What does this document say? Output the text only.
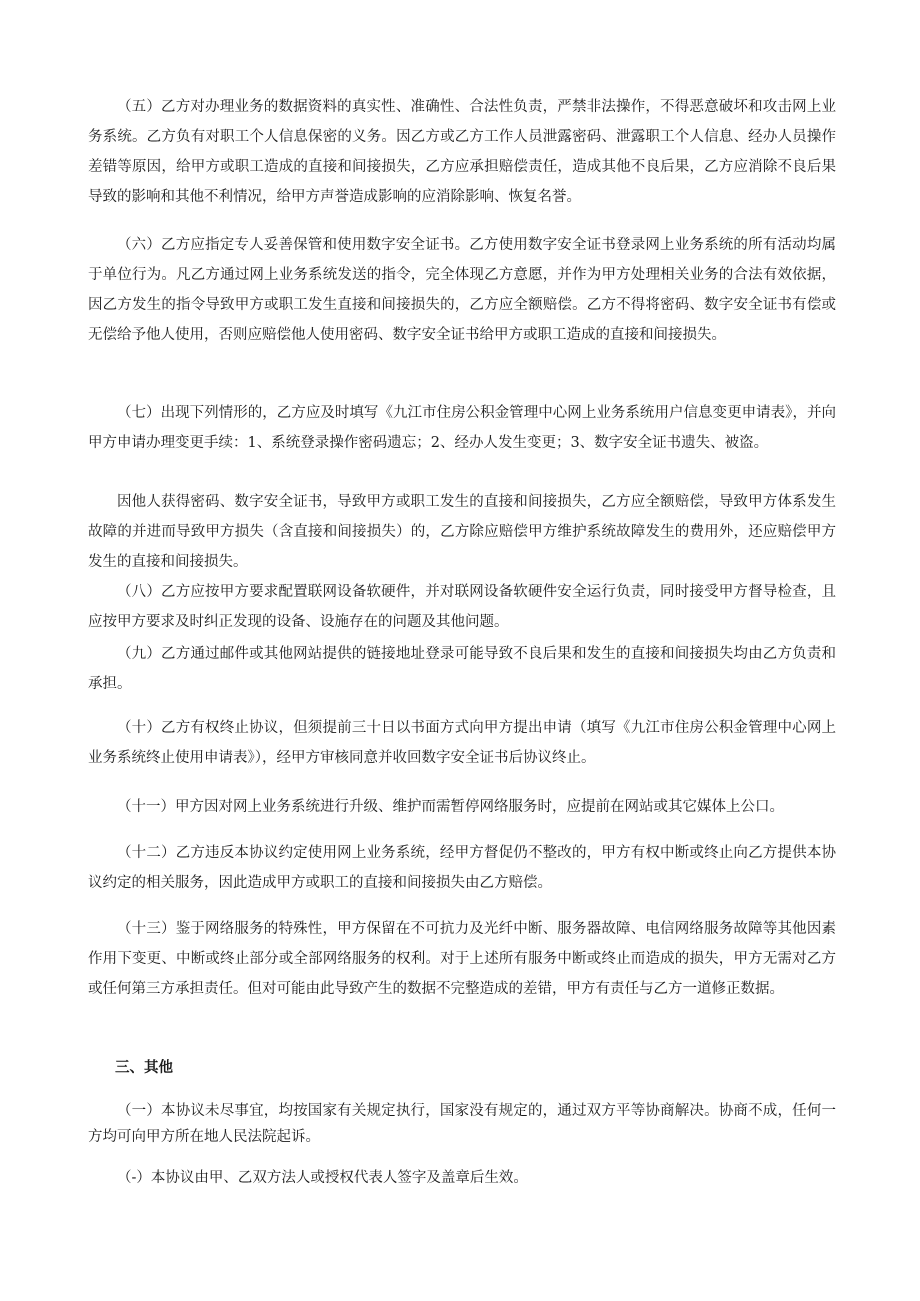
（五）乙方对办理业务的数据资料的真实性、准确性、合法性负责，严禁非法操作，不得恶意破坏和攻击网上业务系统。乙方负有对职工个人信息保密的义务。因乙方或乙方工作人员泄露密码、泄露职工个人信息、经办人员操作差错等原因，给甲方或职工造成的直接和间接损失，乙方应承担赔偿责任，造成其他不良后果，乙方应消除不良后果导致的影响和其他不利情况，给甲方声誉造成影响的应消除影响、恢复名誉。

（六）乙方应指定专人妥善保管和使用数字安全证书。乙方使用数字安全证书登录网上业务系统的所有活动均属于单位行为。凡乙方通过网上业务系统发送的指令，完全体现乙方意愿，并作为甲方处理相关业务的合法有效依据，因乙方发生的指令导致甲方或职工发生直接和间接损失的，乙方应全额赔偿。乙方不得将密码、数字安全证书有偿或无偿给予他人使用，否则应赔偿他人使用密码、数字安全证书给甲方或职工造成的直接和间接损失。

（七）出现下列情形的，乙方应及时填写《九江市住房公积金管理中心网上业务系统用户信息变更申请表》，并向甲方申请办理变更手续：1、系统登录操作密码遗忘；2、经办人发生变更；3、数字安全证书遗失、被盗。

因他人获得密码、数字安全证书，导致甲方或职工发生的直接和间接损失，乙方应全额赔偿，导致甲方体系发生故障的并进而导致甲方损失（含直接和间接损失）的，乙方除应赔偿甲方维护系统故障发生的费用外，还应赔偿甲方发生的直接和间接损失。

（八）乙方应按甲方要求配置联网设备软硬件，并对联网设备软硬件安全运行负责，同时接受甲方督导检查，且应按甲方要求及时纠正发现的设备、设施存在的问题及其他问题。

（九）乙方通过邮件或其他网站提供的链接地址登录可能导致不良后果和发生的直接和间接损失均由乙方负责和承担。

（十）乙方有权终止协议，但须提前三十日以书面方式向甲方提出申请（填写《九江市住房公积金管理中心网上业务系统终止使用申请表》），经甲方审核同意并收回数字安全证书后协议终止。

（十一）甲方因对网上业务系统进行升级、维护而需暂停网络服务时，应提前在网站或其它媒体上公口。

（十二）乙方违反本协议约定使用网上业务系统，经甲方督促仍不整改的，甲方有权中断或终止向乙方提供本协议约定的相关服务，因此造成甲方或职工的直接和间接损失由乙方赔偿。

（十三）鉴于网络服务的特殊性，甲方保留在不可抗力及光纤中断、服务器故障、电信网络服务故障等其他因素作用下变更、中断或终止部分或全部网络服务的权利。对于上述所有服务中断或终止而造成的损失，甲方无需对乙方或任何第三方承担责任。但对可能由此导致产生的数据不完整造成的差错，甲方有责任与乙方一道修正数据。

三、其他

（一）本协议未尽事宜，均按国家有关规定执行，国家没有规定的，通过双方平等协商解决。协商不成，任何一方均可向甲方所在地人民法院起诉。

（-）本协议由甲、乙双方法人或授权代表人签字及盖章后生效。
